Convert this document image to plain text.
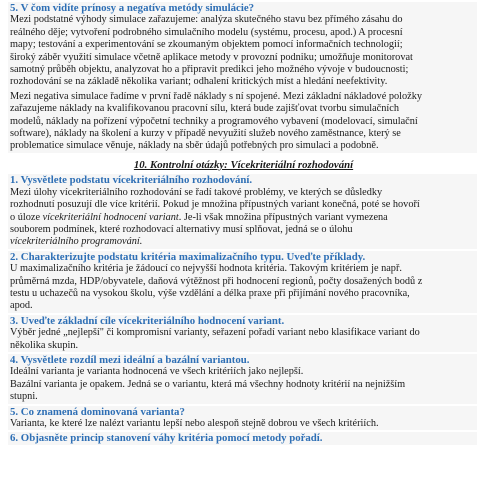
5. V čom vidíte prínosy a negatíva metódy simulácie?

Mezi podstatné výhody simulace zařazujeme: analýza skutečného stavu bez přímého zásahu do

reálného děje; vytvoření podrobného simulačního modelu (systému, procesu, apod.) A procesní

mapy; testování a experimentování se zkoumaným objektem pomocí informačních technologií;

široký záběr využití simulace včetně aplikace metody v provozní podniku; umožňuje monitorovat

samotný průběh objektu, analyzovat ho a připravit predikci jeho možného vývoje v budoucnosti;

rozhodování se na základě několika variant; odhalení kritických míst a hledání neefektivity.

Mezi negativa simulace řadíme v první řadě náklady s ní spojené. Mezi základní nákladové položky

zařazujeme náklady na kvalifikovanou pracovní sílu, která bude zajišťovat tvorbu simulačních

modelů, náklady na pořízení výpočetní techniky a programového vybavení (modelovací, simulační

software), náklady na školení a kurzy v případě nevyužití služeb nového zaměstnance, který se

problematice simulace věnuje, náklady na sběr údajů potřebných pro simulaci a podobně.

10. Kontrolní otázky: Vícekriteriální rozhodování

1. Vysvětlete podstatu vícekriteriálního rozhodování.

Mezi úlohy vícekriteriálního rozhodování se řadí takové problémy, ve kterých se důsledky

rozhodnutí posuzují dle více kritérií. Pokud je množina přípustných variant konečná, poté se hovoří

o úloze vícekriteriální hodnocení variant. Je-li však množina přípustných variant vymezena

souborem podmínek, které rozhodovací alternativy musí splňovat, jedná se o úlohu

vícekriteriálního programování.

2. Charakterizujte podstatu kritéria maximalizačního typu. Uveďte příklady.

U maximalizačního kritéria je žádoucí co nejvyšší hodnota kritéria. Takovým kritériem je např.

průměrná mzda, HDP/obyvatele, daňová výtěžnost při hodnocení regionů, počty dosažených bodů z

testu u uchazečů na vysokou školu, výše vzdělání a délka praxe při přijímání nového pracovníka,

apod.

3. Uveďte základní cíle vícekriteriálního hodnocení variant.

Výběr jedné „nejlepší" či kompromisní varianty, seřazení pořadí variant nebo klasifikace variant do

několika skupin.

4. Vysvětlete rozdíl mezi ideální a bazální variantou.

Ideální varianta je varianta hodnocená ve všech kritériích jako nejlepší.

Bazální varianta je opakem. Jedná se o variantu, která má všechny hodnoty kritérií na nejnižším

stupni.

5. Co znamená dominovaná varianta?

Varianta, ke které lze nalézt variantu lepší nebo alespoň stejně dobrou ve všech kritériích.

6. Objasněte princip stanovení váhy kritéria pomocí metody pořadí.
